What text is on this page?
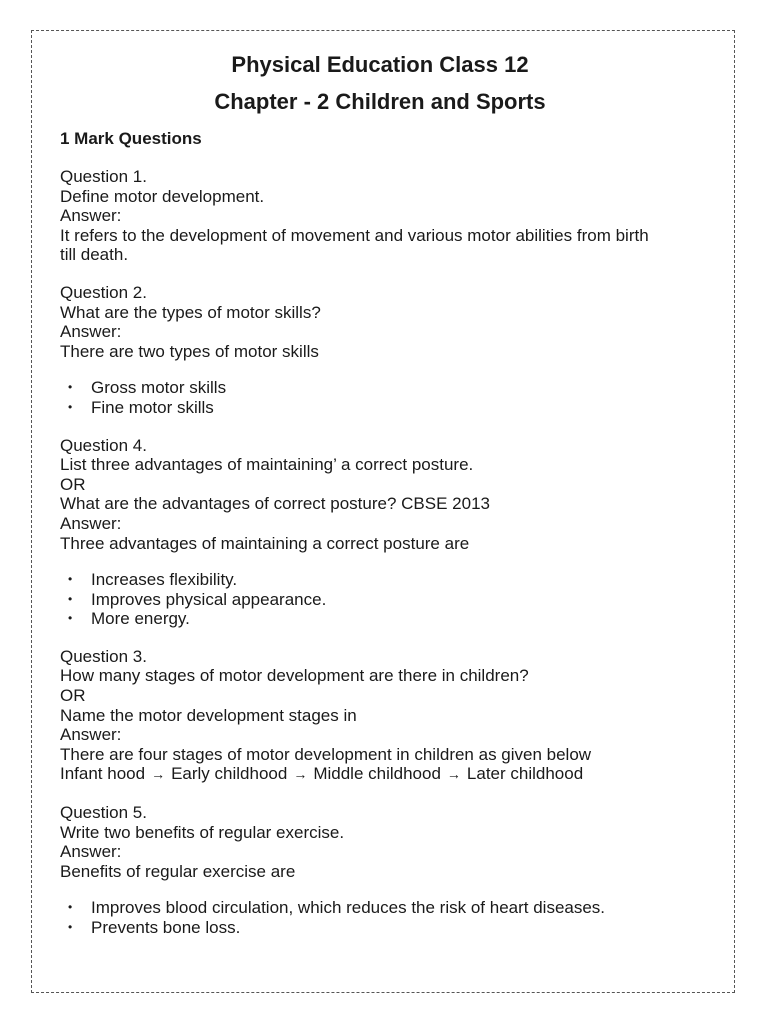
Physical Education Class 12
Chapter - 2 Children and Sports
1 Mark Questions

Question 1.

Define motor development.

Answer:

It refers to the development of movement and various motor abilities from birth

till death.

Question 2.

What are the types of motor skills?

Answer:

There are two types of motor skills

• Gross motor skills
• Fine motor skills

Question 4.

List three advantages of maintaining’ a correct posture.

OR

What are the advantages of correct posture? CBSE 2013

Answer:

Three advantages of maintaining a correct posture are

• Increases flexibility.
• Improves physical appearance.
• More energy.

Question 3.

How many stages of motor development are there in children?

OR

Name the motor development stages in

Answer:

There are four stages of motor development in children as given below

Infant hood → Early childhood → Middle childhood → Later childhood

Question 5.

Write two benefits of regular exercise.

Answer:

Benefits of regular exercise are

• Improves blood circulation, which reduces the risk of heart diseases.
• Prevents bone loss.
